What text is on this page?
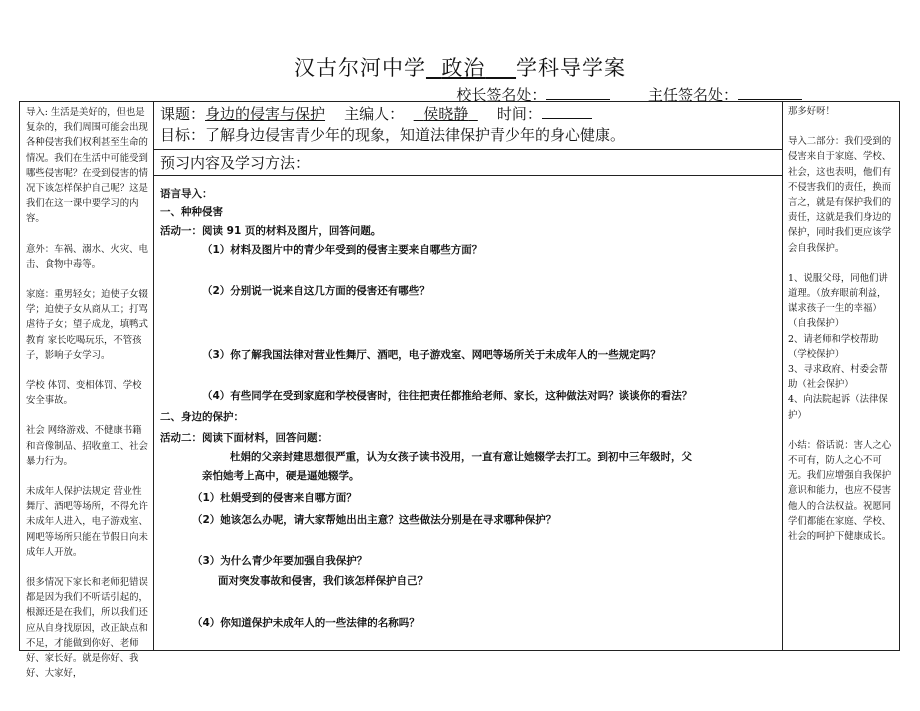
汉古尔河中学 政治 学科导学案
校长签名处：	主任签名处：

导入: 生活是美好的，但也是复杂的，我们周围可能会出现各种侵害我们权利甚至生命的情况。我们在生活中可能受到哪些侵害呢？在受到侵害的情况下该怎样保护自己呢？这是我们在这一课中要学习的内容。

意外：车祸、溺水、火灾、电击、食物中毒等。

家庭：重男轻女；迫使子女辍学；迫使子女从商从工；打骂虐待子女；望子成龙，填鸭式教育 家长吃喝玩乐，不管孩子，影响子女学习。

学校 体罚、变相体罚、学校安全事故。

社会 网络游戏、不健康书籍和音像制品、招收童工、社会暴力行为。

未成年人保护法规定 营业性舞厅、酒吧等场所，不得允许未成年人进入，电子游戏室、网吧等场所只能在节假日向未成年人开放。

很多情况下家长和老师犯错误都是因为我们不听话引起的，根源还是在我们，所以我们还应从自身找原因，改正缺点和不足，才能做到你好、老师好、家长好。就是你好、我好、大家好，

课题：身边的侵害与保护 主编人： 侯晓静 时间：
目标：了解身边侵害青少年的现象，知道法律保护青少年的身心健康。
预习内容及学习方法：
语言导入：
一、种种侵害
活动一：阅读 91 页的材料及图片，回答问题。
（1）材料及图片中的青少年受到的侵害主要来自哪些方面？
（2）分别说一说来自这几方面的侵害还有哪些？
（3）你了解我国法律对营业性舞厅、酒吧，电子游戏室、网吧等场所关于未成年人的一些规定吗？
（4）有些同学在受到家庭和学校侵害时，往往把责任都推给老师、家长，这种做法对吗？谈谈你的看法？
二、身边的保护：
活动二：阅读下面材料，回答问题：
杜娟的父亲封建思想很严重，认为女孩子读书没用，一直有意让她辍学去打工。到初中三年级时，父
亲怕她考上高中，硬是逼她辍学。
（1）杜娟受到的侵害来自哪方面？
（2）她该怎么办呢，请大家帮她出出主意？这些做法分别是在寻求哪种保护？
（3）为什么青少年要加强自我保护？
面对突发事故和侵害，我们该怎样保护自己？
（4）你知道保护未成年人的一些法律的名称吗？

那多好呀！

导入二部分：我们受到的侵害来自于家庭、学校、社会，这也表明，他们有不侵害我们的责任，换而言之，就是有保护我们的责任，这就是我们身边的保护，同时我们更应该学会自我保护。

1、说服父母，同他们讲道理。（放弃眼前利益，谋求孩子一生的幸福）（自我保护）
2、请老师和学校帮助（学校保护）
3、寻求政府、村委会帮助（社会保护）
4、向法院起诉（法律保护）

小结：俗话说：害人之心不可有，防人之心不可无。我们应增强自我保护意识和能力，也应不侵害他人的合法权益。祝愿同学们都能在家庭、学校、社会的呵护下健康成长。
